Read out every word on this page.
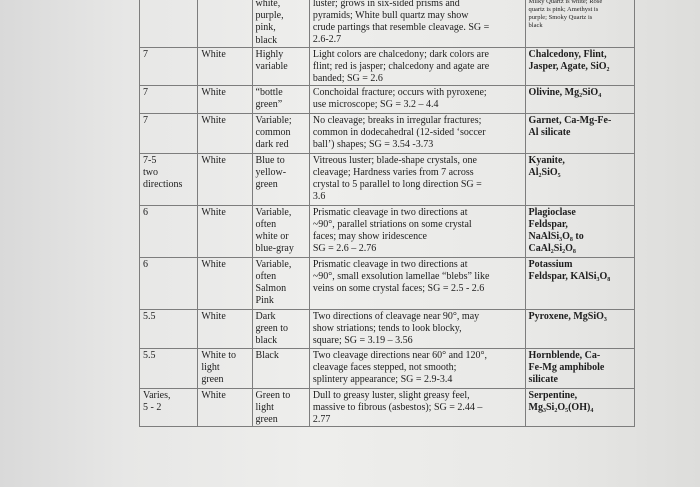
		white,
purple,
pink,
black	luster; grows in six-sided prisms and
pyramids; White bull quartz may show
crude partings that resemble cleavage. SG =
2.6-2.7	Milky Quartz is white; Rose
quartz is pink; Amethyst is
purple; Smoky Quartz is
black

7	White	Highly
variable	Light colors are chalcedony; dark colors are
flint; red is jasper; chalcedony and agate are
banded; SG = 2.6	Chalcedony, Flint,
Jasper, Agate, SiO₂

7	White	“bottle
green”	Conchoidal fracture; occurs with pyroxene;
use microscope; SG = 3.2 – 4.4	Olivine, Mg₂SiO₄

7	White	Variable;
common
dark red	No cleavage; breaks in irregular fractures;
common in dodecahedral (12-sided ‘soccer
ball’) shapes; SG = 3.54 -3.73	Garnet, Ca-Mg-Fe-
Al silicate

7-5
two
directions	White	Blue to
yellow-
green	Vitreous luster; blade-shape crystals, one
cleavage; Hardness varies from 7 across
crystal to 5 parallel to long direction SG =
3.6	Kyanite,
Al₂SiO₅

6	White	Variable,
often
white or
blue-gray	Prismatic cleavage in two directions at
~90°, parallel striations on some crystal
faces; may show iridescence
SG = 2.6 – 2.76	Plagioclase
Feldspar,
NaAlSi₃O₈ to
CaAl₂Si₂O₈

6	White	Variable,
often
Salmon
Pink	Prismatic cleavage in two directions at
~90°, small exsolution lamellae “blebs” like
veins on some crystal faces; SG = 2.5 - 2.6	Potassium
Feldspar, KAlSi₃O₈

5.5	White	Dark
green to
black	Two directions of cleavage near 90°, may
show striations; tends to look blocky,
square; SG = 3.19 – 3.56	Pyroxene, MgSiO₃

5.5	White to
light
green	Black	Two cleavage directions near 60° and 120°,
cleavage faces stepped, not smooth;
splintery appearance; SG = 2.9-3.4	Hornblende, Ca-
Fe-Mg amphibole
silicate

Varies,
5 - 2	White	Green to
light
green	Dull to greasy luster, slight greasy feel,
massive to fibrous (asbestos); SG = 2.44 –
2.77	Serpentine,
Mg₃Si₂O₅(OH)₄
